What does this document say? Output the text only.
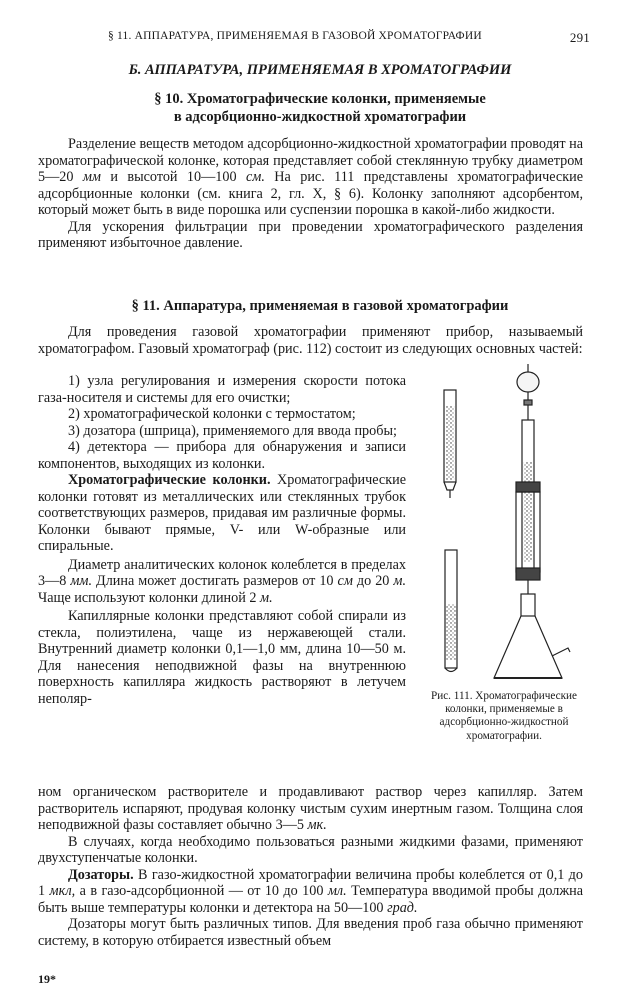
§ 11. АППАРАТУРА, ПРИМЕНЯЕМАЯ В ГАЗОВОЙ ХРОМАТОГРАФИИ	291
Б. АППАРАТУРА, ПРИМЕНЯЕМАЯ В ХРОМАТОГРАФИИ
§ 10. Хроматографические колонки, применяемые
в адсорбционно-жидкостной хроматографии

Разделение веществ методом адсорбционно-жидкостной хроматографии проводят на хроматографической колонке, которая представляет собой стеклянную трубку диаметром 5—20 мм и высотой 10—100 см. На рис. 111 представлены хроматографические адсорбционные колонки (см. книга 2, гл. X, § 6). Колонку заполняют адсорбентом, который может быть в виде порошка или суспензии порошка в какой-либо жидкости.

Для ускорения фильтрации при проведении хроматографического разделения применяют избыточное давление.

§ 11. Аппаратура, применяемая в газовой хроматографии

Для проведения газовой хроматографии применяют прибор, называемый хроматографом. Газовый хроматограф (рис. 112) состоит из следующих основных частей:

1) узла регулирования и измерения скорости потока газа-носителя и системы для его очистки;

2) хроматографической колонки с термостатом;

3) дозатора (шприца), применяемого для ввода пробы;

4) детектора — прибора для обнаружения и записи компонентов, выходящих из колонки.

Хроматографические колонки. Хроматографические колонки готовят из металлических или стеклянных трубок соответствующих размеров, придавая им различные формы. Колонки бывают прямые, V- или W-образные или спиральные.

Диаметр аналитических колонок колеблется в пределах 3—8 мм. Длина может достигать размеров от 10 см до 20 м. Чаще используют колонки длиной 2 м.

Капиллярные колонки представляют собой спирали из стекла, полиэтилена, чаще из нержавеющей стали. Внутренний диаметр колонки 0,1—1,0 мм, длина 10—50 м. Для нанесения неподвижной фазы на внутреннюю поверхность капилляра жидкость растворяют в летучем неполяр-	Рис. 111. Хроматографические колонки, применяемые в адсорбционно-жидкостной хроматографии.

ном органическом растворителе и продавливают раствор через капилляр. Затем растворитель испаряют, продувая колонку чистым сухим инертным газом. Толщина слоя неподвижной фазы составляет обычно 3—5 мк.

В случаях, когда необходимо пользоваться разными жидкими фазами, применяют двухступенчатые колонки.

Дозаторы. В газо-жидкостной хроматографии величина пробы колеблется от 0,1 до 1 мкл, а в газо-адсорбционной — от 10 до 100 мл. Температура вводимой пробы должна быть выше температуры колонки и детектора на 50—100 град.

Дозаторы могут быть различных типов. Для введения проб газа обычно применяют систему, в которую отбирается известный объем

19*
